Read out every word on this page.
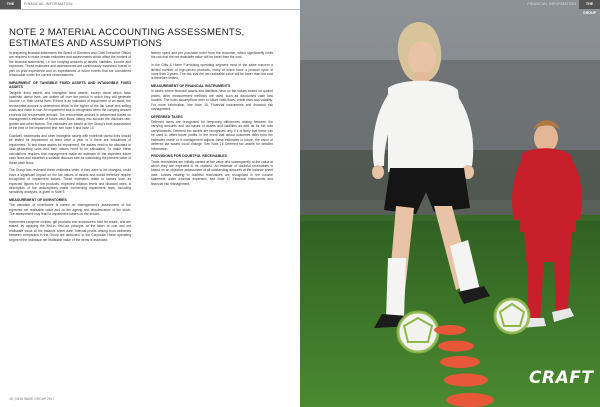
THE GROUP
FINANCIAL INFORMATION
NOTE 2 MATERIAL ACCOUNTING ASSESSMENTS, ESTIMATES AND ASSUMPTIONS

In preparing financial statements the Board of Directors and Chief Executive Officer are required to make certain estimates and assessments which affect the content of the financial statements, i.e. the carrying amounts of assets, liabilities, income and expenses. These estimates and assessments are continuously assessed, based in part on prior experience and on expectations of future events that are considered reasonable under the current circumstances.

IMPAIRMENT OF TANGIBLE FIXED ASSETS AND INTANGIBLE FIXED ASSETS

Tangible fixed assets and intangible fixed assets, except those which have indefinite useful lives, are written off over the period in which they will generate income, i.e. their useful lives. If there is an indication of impairment of an asset, the recoverable amount is determined which is the higher of the fair value less selling costs and value in use. An impairment loss is recognised when the carrying amount exceeds the recoverable amount. The recoverable amount is determined based on management's estimate of future cash flows, taking into account the discount rate, growth and other factors. The estimates are based on the Group's best assessment at the time of the impairment test; see Note 9 and Note 10.

Goodwill, trademarks and other intangible assets with indefinite useful lives should be tested for impairment at least once a year or if there are indications of impairment. To test these assets for impairment, the assets need to be allocated to cash-generating units and their values need to be calculated. To make these calculations requires that management make an estimate of the expected future cash flows and establish a suitable discount rate for calculating the present value of these cash flows.

The Group has reviewed these estimates while, if they were to be changed, could have a significant impact on the fair values of assets and would therefore require recognition of impairment losses. These estimates relate to factors such as expected figures for the products, expected inflation levels and discount rates. A description of the assumptions made concerning impairment tests, including sensitivity analyses, is given in Note 9.

MEASUREMENT OF INVENTORIES

The valuation of inventories is based on management's assessment of the expected net realisable value and on the ageing and obsolescence of the stock. The assessment may lead to impairment losses on the stocks.

Inventories comprise clothes, gift products and accessories held for resale, and are stated, by applying the first-in, first-out principle, at the lower of cost and net realisable value at the balance sheet date. Internal profits arising from deliveries between companies in the Group are deducted. In the Corporate Home operating segment the individual net realisable value of the items is assessed.

factory spent and per purchase order from the customer, which significantly limits the risk that the net realisable value will be lower than the cost.

In the Gifts & Home Furnishing operating segment most of the sales concern a limited number of high-priced products, many of which have a product cycle of more than 2 years. The risk that the net realisable value will be lower than the cost is therefore limited.

MEASUREMENT OF FINANCIAL INSTRUMENTS

In cases where financial assets and liabilities have no fair values based on quoted prices, other measurement methods are used, such as discounted cash flow models. The main assumptions refer to future cash flows, credit risks and volatility. For more information, see Note 16, Financial instruments and financial risk management.

DEFERRED TAXES

Deferred taxes are recognised for temporary differences arising between the carrying amounts and tax bases of assets and liabilities as well as for tax loss carryforwards. Deferred tax assets are recognised only if it is likely that these can be used to offset future profits. In the event that actual outcomes differ from the estimates made or if management adjusts these estimates in future, the value of deferred tax assets could change. See Note 15 Deferred tax assets for detailed information.

PROVISIONS FOR DOUBTFUL RECEIVABLES

Trade receivables are initially carried at fair value and subsequently at the value at which they are expected to be realised. An estimate of doubtful receivables is based on an objective assessment of all outstanding amounts at the balance sheet date. Losses relating to doubtful receivables are recognised in the income statement under external expenses; see Note 17 Financial instruments and financial risk management.

46 | NEW WAVE GROUP 2017
FINANCIAL INFORMATION	THE GROUP
CRAFT
